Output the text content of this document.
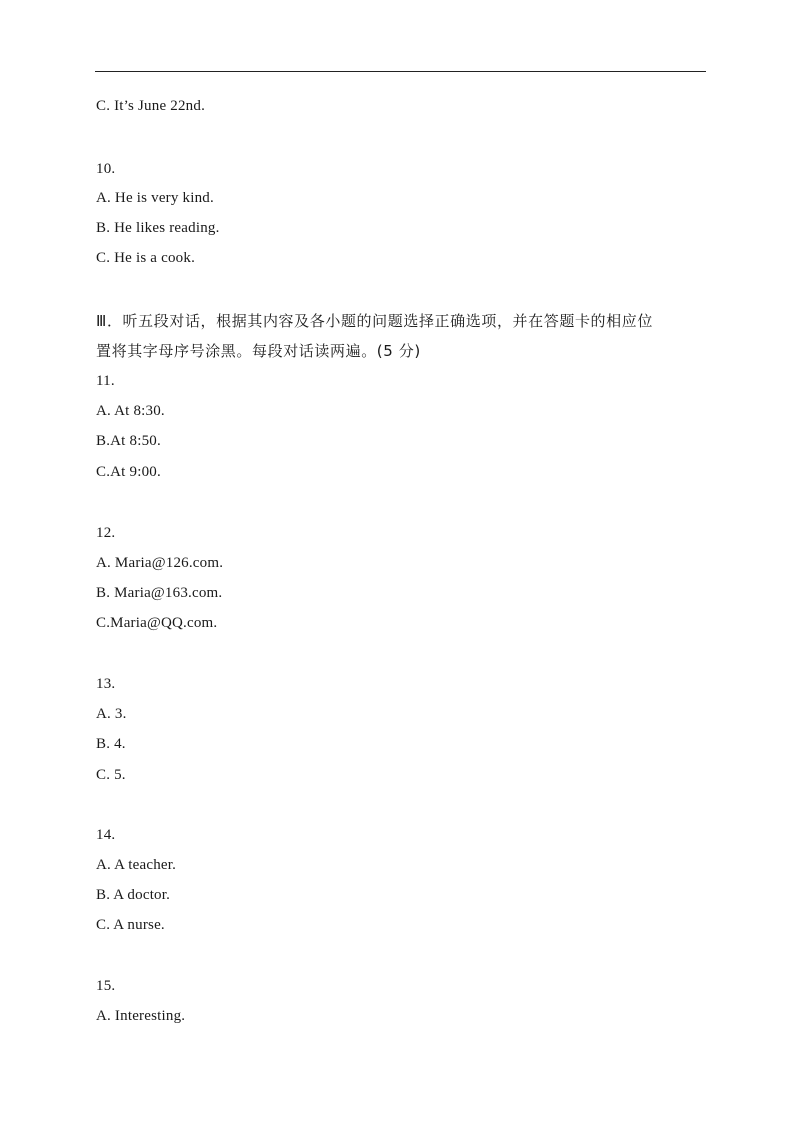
C. It’s June 22nd.
10.
A. He is very kind.
B. He likes reading.
C. He is a cook.
Ⅲ．听五段对话，根据其内容及各小题的问题选择正确选项，并在答题卡的相应位
置将其字母序号涂黑。每段对话读两遍。(5 分)
11.
A. At 8:30.
B.At 8:50.
C.At 9:00.
12.
A. Maria@126.com.
B. Maria@163.com.
C.Maria@QQ.com.
13.
A. 3.
B. 4.
C. 5.
14.
A. A teacher.
B. A doctor.
C. A nurse.
15.
A. Interesting.
